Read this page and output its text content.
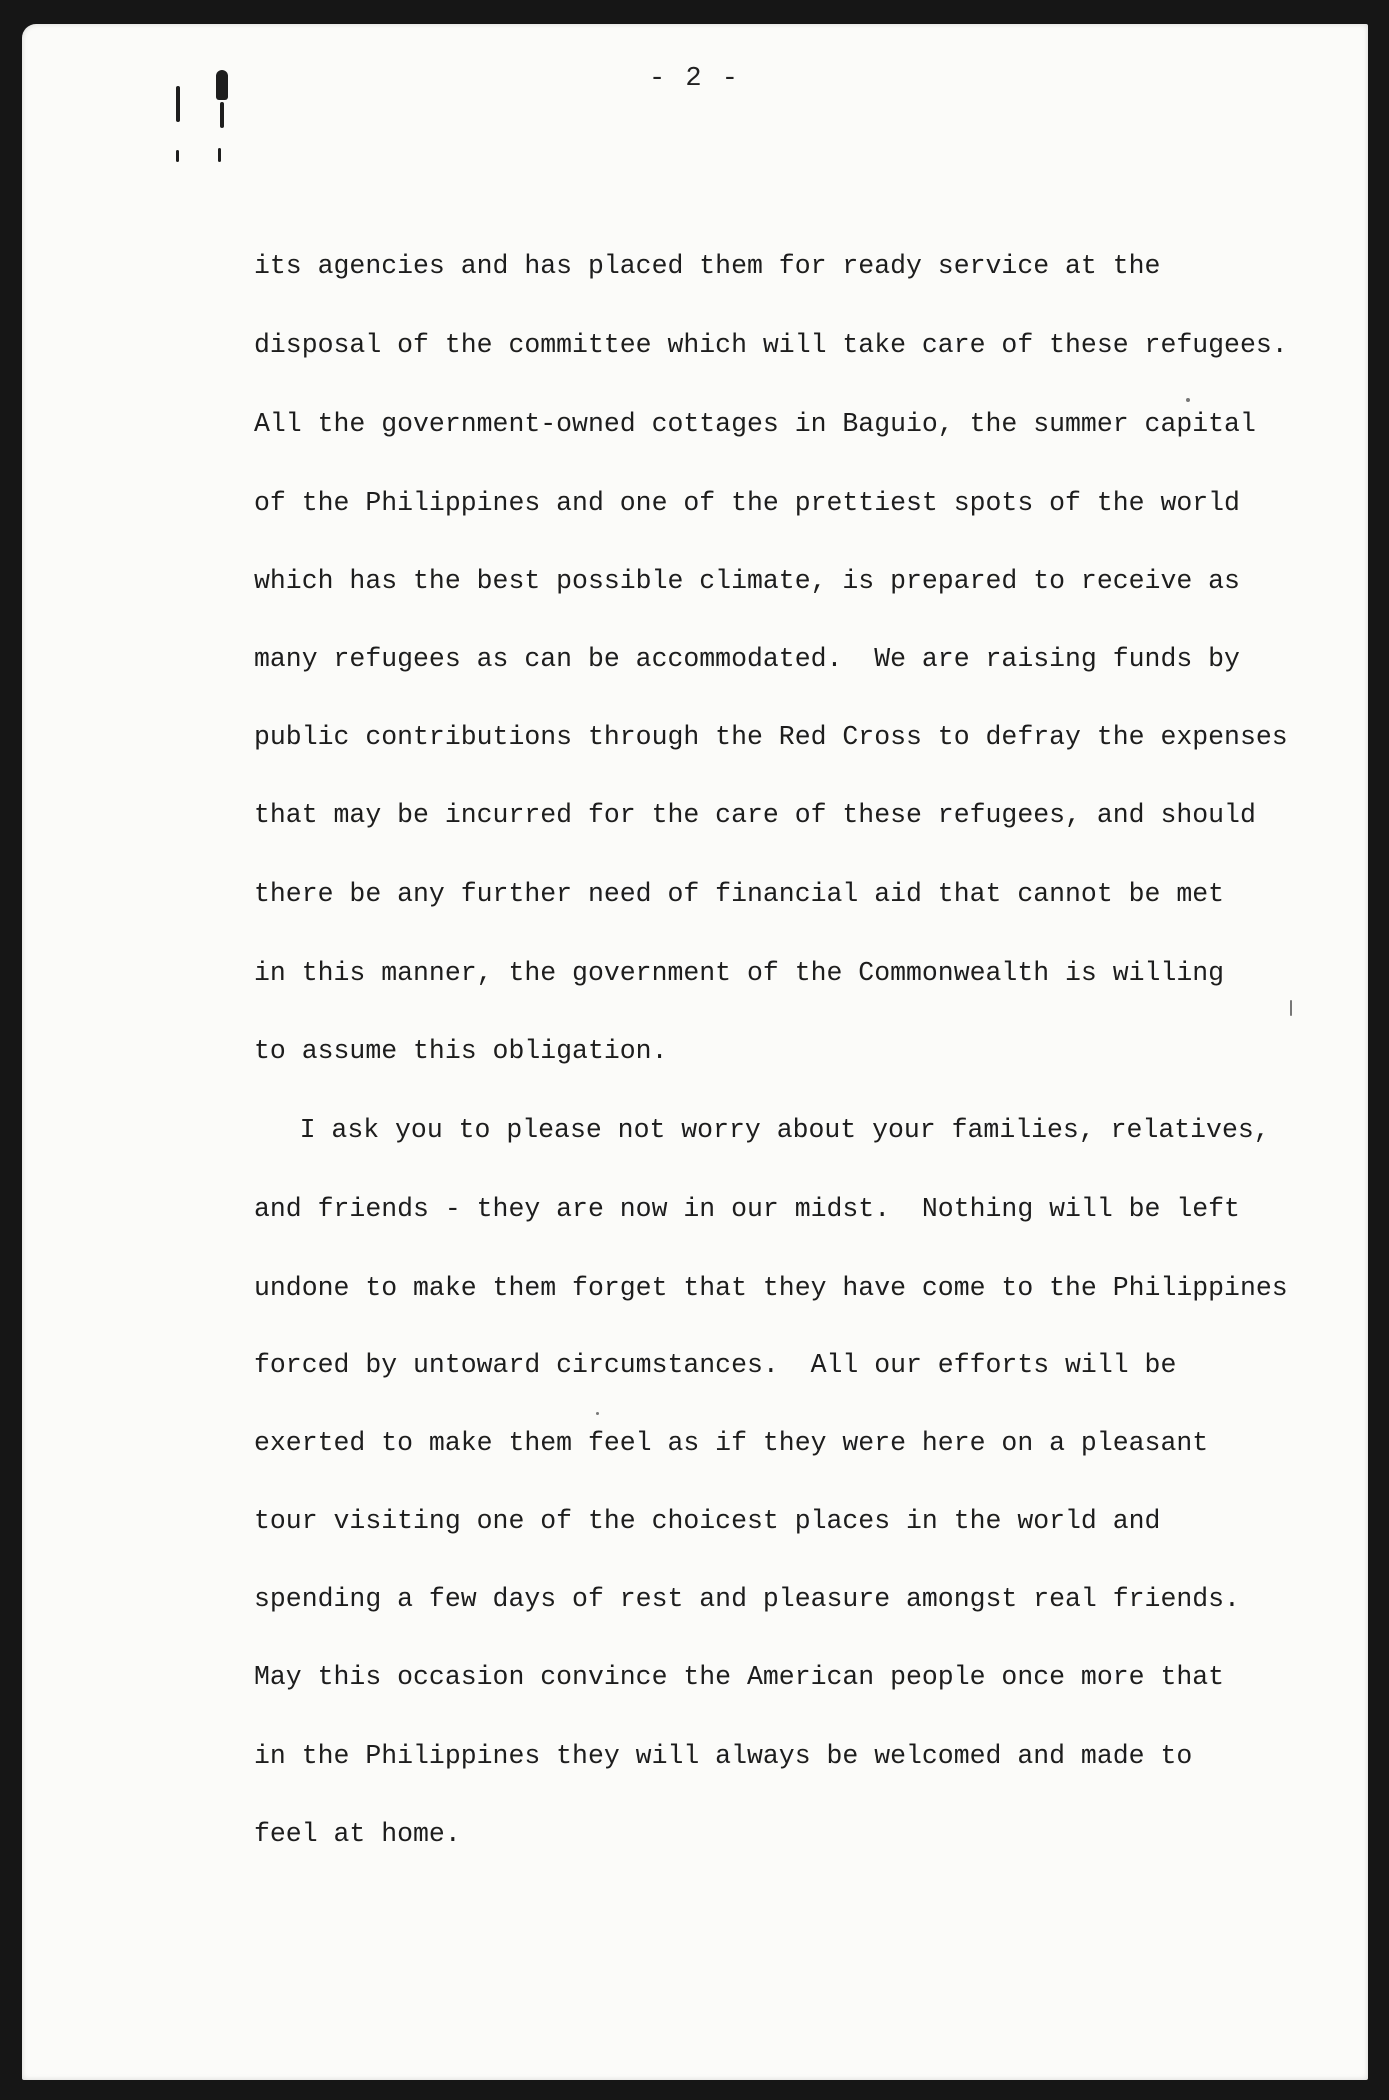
- 2 -
its agencies and has placed them for ready service at the
disposal of the committee which will take care of these refugees.
All the government-owned cottages in Baguio, the summer capital
of the Philippines and one of the prettiest spots of the world
which has the best possible climate, is prepared to receive as
many refugees as can be accommodated.  We are raising funds by
public contributions through the Red Cross to defray the expenses
that may be incurred for the care of these refugees, and should
there be any further need of financial aid that cannot be met
in this manner, the government of the Commonwealth is willing
to assume this obligation.
I ask you to please not worry about your families, relatives,
and friends - they are now in our midst.  Nothing will be left
undone to make them forget that they have come to the Philippines
forced by untoward circumstances.  All our efforts will be
exerted to make them feel as if they were here on a pleasant
tour visiting one of the choicest places in the world and
spending a few days of rest and pleasure amongst real friends.
May this occasion convince the American people once more that
in the Philippines they will always be welcomed and made to
feel at home.
